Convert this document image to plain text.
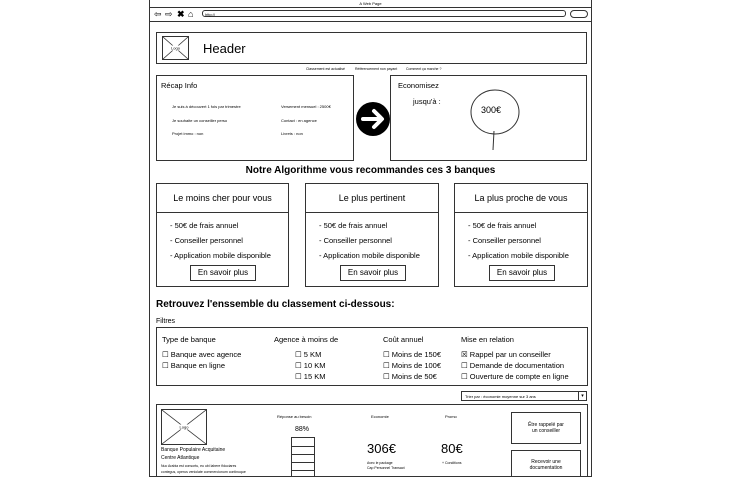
A Web Page
⇦ ⇨ ✖ ⌂	http://
Logo	Header
Classement est actualisé	Référencement non payant	Comment ça marche ?
Récap Info
Je suis à découvert 1 fois par trimestre
Je souhaite un conseiller perso
Projet immo : non
Versement mensuel : 2500€
Contact : en agence
Livrets : non
Economisez
jusqu'à :
300€
Notre Algorithme vous recommandes ces 3 banques
Le moins cher pour vous
- 50€ de frais annuel
- Conseiller personnel
- Application mobile disponible
En savoir plus
Le plus pertinent
- 50€ de frais annuel
- Conseiller personnel
- Application mobile disponible
En savoir plus
La plus proche de vous
- 50€ de frais annuel
- Conseiller personnel
- Application mobile disponible
En savoir plus
Retrouvez l'enssemble du classement ci-dessous:
Filtres
Type de banque
☐ Banque avec agence
☐ Banque en ligne
Agence à moins de
☐ 5 KM
☐ 10 KM
☐ 15 KM
Coût annuel
☐ Moins de 150€
☐ Moins de 100€
☐ Moins de 50€
Mise en relation
☒ Rappel par un conseiller
☐ Demande de documentation
☐ Ouverture de compte en ligne
Trier par : économie moyenne sur 3 ans	▾
Logo
Banque Populaire Acquitaine
Centre Atlantique
Nuc Arabia est consortu, eu ubi labere fiduciares
contegus, operus veniolate commercionum continuque
Réponse au besoin
88%
Economie
306€
Avec le package
Cap Personnel Transact
Promo
80€
+ Conditions
Être rappelé par
un conseiller
Recevoir une
documentation
